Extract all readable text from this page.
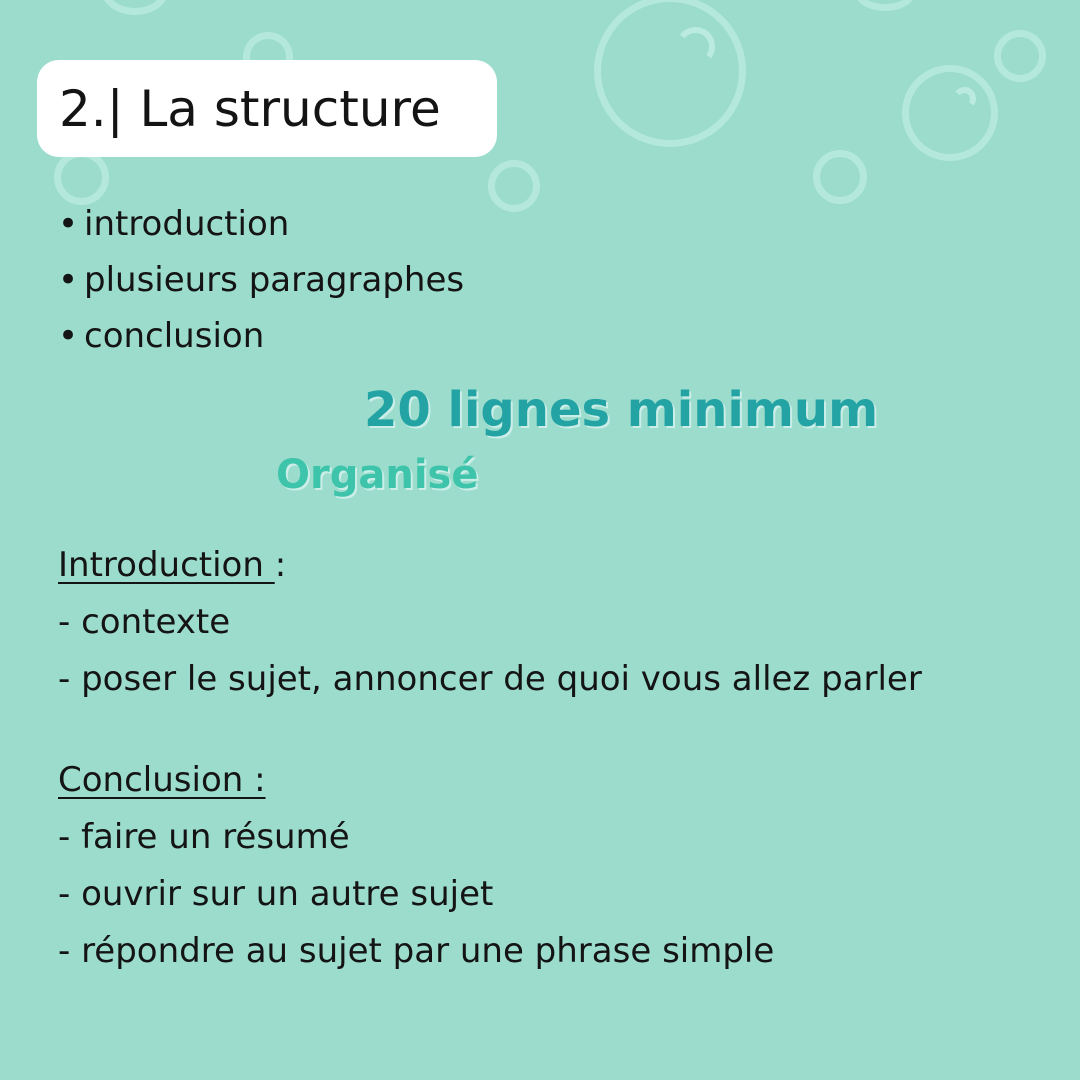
2.| La structure
• introduction
• plusieurs paragraphes
• conclusion
20 lignes minimum
Organisé
Introduction :
- contexte
- poser le sujet, annoncer de quoi vous allez parler
Conclusion :
- faire un résumé
- ouvrir sur un autre sujet
- répondre au sujet par une phrase simple
